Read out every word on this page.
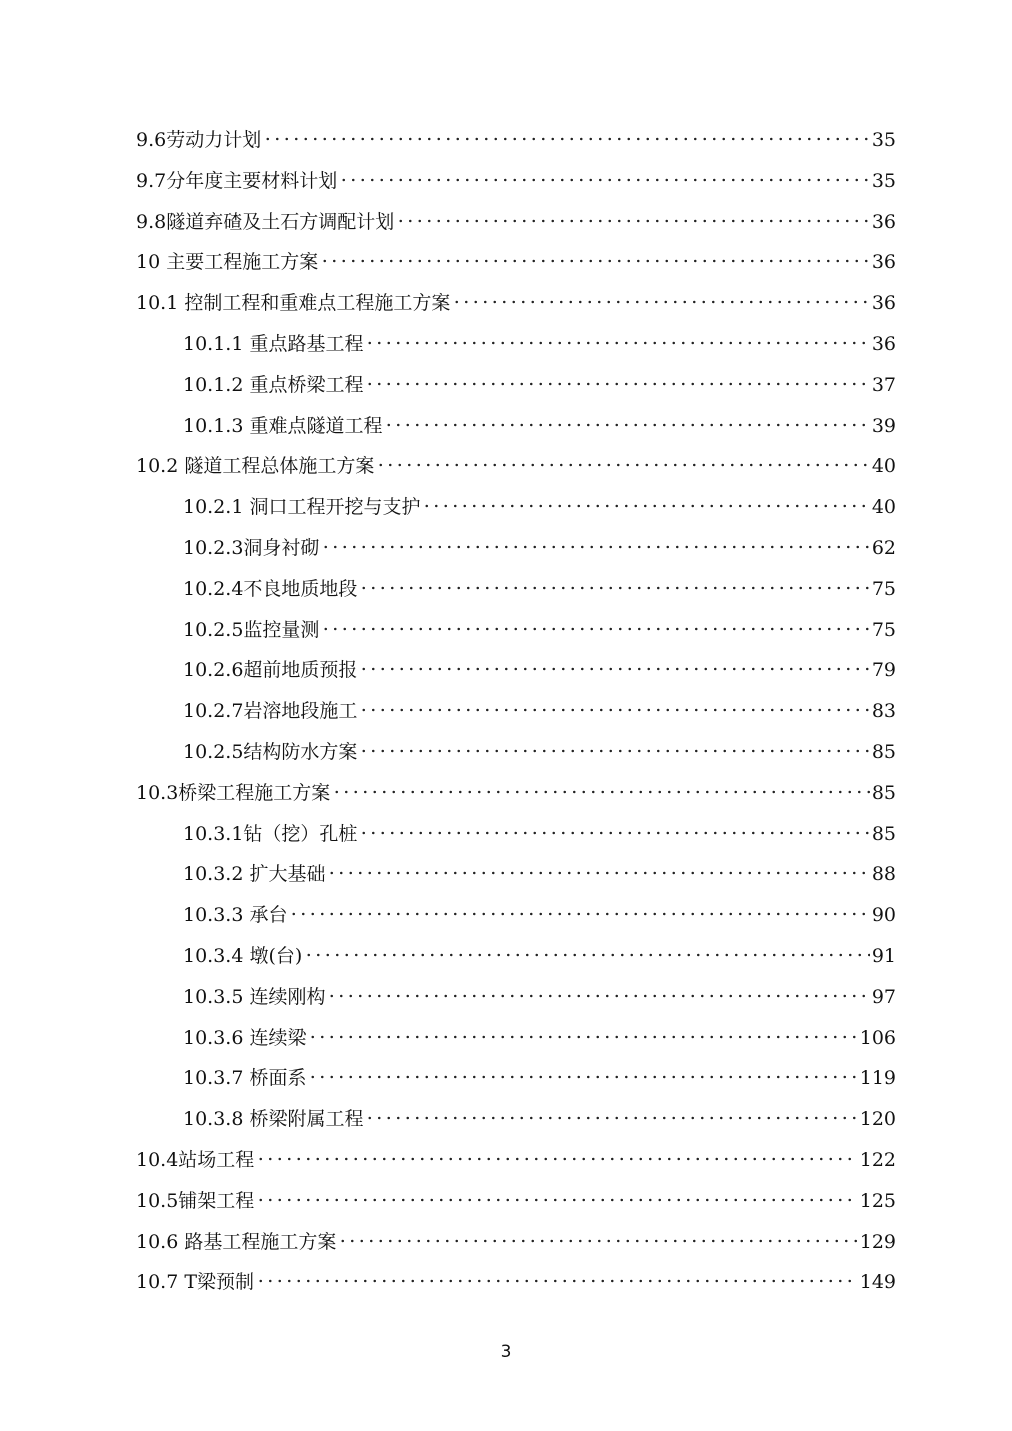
9.6劳动力计划	35
9.7分年度主要材料计划	35
9.8隧道弃碴及土石方调配计划	36
10 主要工程施工方案	36
10.1 控制工程和重难点工程施工方案	36
10.1.1 重点路基工程	36
10.1.2 重点桥梁工程	37
10.1.3 重难点隧道工程	39
10.2 隧道工程总体施工方案	40
10.2.1 洞口工程开挖与支护	40
10.2.3洞身衬砌	62
10.2.4不良地质地段	75
10.2.5监控量测	75
10.2.6超前地质预报	79
10.2.7岩溶地段施工	83
10.2.5结构防水方案	85
10.3桥梁工程施工方案	85
10.3.1钻（挖）孔桩	85
10.3.2 扩大基础	88
10.3.3 承台	90
10.3.4 墩(台)	91
10.3.5 连续刚构	97
10.3.6 连续梁	106
10.3.7 桥面系	119
10.3.8 桥梁附属工程	120
10.4站场工程	122
10.5铺架工程	125
10.6 路基工程施工方案	129
10.7 T梁预制	149
3
